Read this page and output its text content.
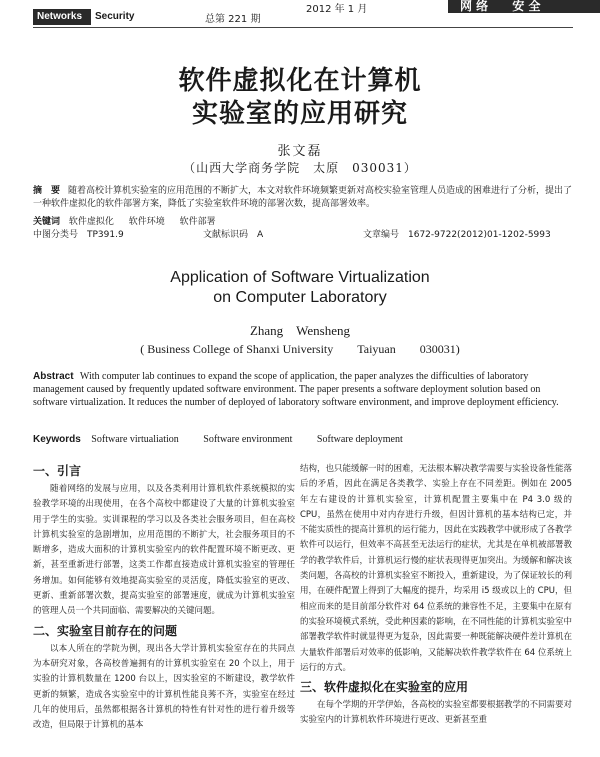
Networks	Security	总第 221 期
2012 年 1 月	网 络 安 全
软件虚拟化在计算机
实验室的应用研究
张文磊
（山西大学商务学院　太原　030031）
摘　要 随着高校计算机实验室的应用范围的不断扩大，本文对软件环境频繁更新对高校实验室管理人员造成的困难进行了分析，提出了一种软件虚拟化的软件部署方案，降低了实验室软件环境的部署次数，提高部署效率。
关键词 软件虚拟化 软件环境 软件部署
中图分类号　TP391.9	文献标识码　A	文章编号　1672-9722(2012)01-1202-5993
Application of Software Virtualization
on Computer Laboratory
Zhang　Wensheng
( Business College of Shanxi University　　Taiyuan　　030031)
Abstract With computer lab continues to expand the scope of application, the paper analyzes the difficulties of laboratory management caused by frequently updated software environment. The paper presents a software deployment solution based on software virtualization. It reduces the number of deployed of laboratory software environment, and improve deployment efficiency.
Keywords Software virtualiation Software environment Software deployment
一、引言

随着网络的发展与应用，以及各类利用计算机软件系统模拟的实验教学环境的出现使用，在各个高校中都建设了大量的计算机实验室用于学生的实验。实训课程的学习以及各类社会服务项目，但在高校计算机实验室的急剧增加，应用范围的不断扩大，社会服务项目的不断增多，造成大面积的计算机实验室内的软件配置环境不断更改、更新，甚至重新进行部署，这类工作都直接造成计算机实验室的管理任务增加。如何能够有效地提高实验室的灵活度，降低实验室的更改、更新、重新部署次数，提高实验室的部署速度，就成为计算机实验室的管理人员一个共同面临、需要解决的关键问题。

二、实验室目前存在的问题

以本人所在的学院为例，现出各大学计算机实验室存在的共同点为本研究对象，各高校普遍拥有的计算机实验室在 20 个以上，用于实验的计算机数量在 1200 台以上，因实验室的不断建设，教学软件更新的频繁，造成各实验室中的计算机性能良莠不齐，实验室在经过几年的使用后，虽然都根据各计算机的特性有针对性的进行着升级等改造，但局限于计算机的基本

结构，也只能缓解一时的困难，无法根本解决教学需要与实验设备性能落后的矛盾，因此在满足各类教学、实验上存在不同差距。例如在 2005 年左右建设的计算机实验室，计算机配置主要集中在 P4 3.0 级的 CPU，虽然在使用中对内存进行升级，但因计算机的基本结构已定，并不能实质性的提高计算机的运行能力，因此在实践教学中就形成了各教学软件可以运行，但效率不高甚至无法运行的症状，尤其是在单机被部署教学的教学软件后，计算机运行慢的症状表现得更加突出。为缓解和解决该类问题，各高校的计算机实验室不断投入，重新建设，为了保证较长的利用，在硬件配置上得到了大幅度的提升，均采用 i5 级或以上的 CPU，但相应而来的是目前部分软件对 64 位系统的兼容性不足，主要集中在原有的实验环境模式系统，受此种因素的影响，在不同性能的计算机实验室中部署教学软件时就显得更为复杂，因此需要一种既能解决硬件差计算机在大量软件部署后对效率的低影响，又能解决软件教学软件在 64 位系统上运行的方式。

三、软件虚拟化在实验室的应用

在每个学期的开学伊始，各高校的实验室都要根据教学的不同需要对实验室内的计算机软件环境进行更改、更新甚至重
